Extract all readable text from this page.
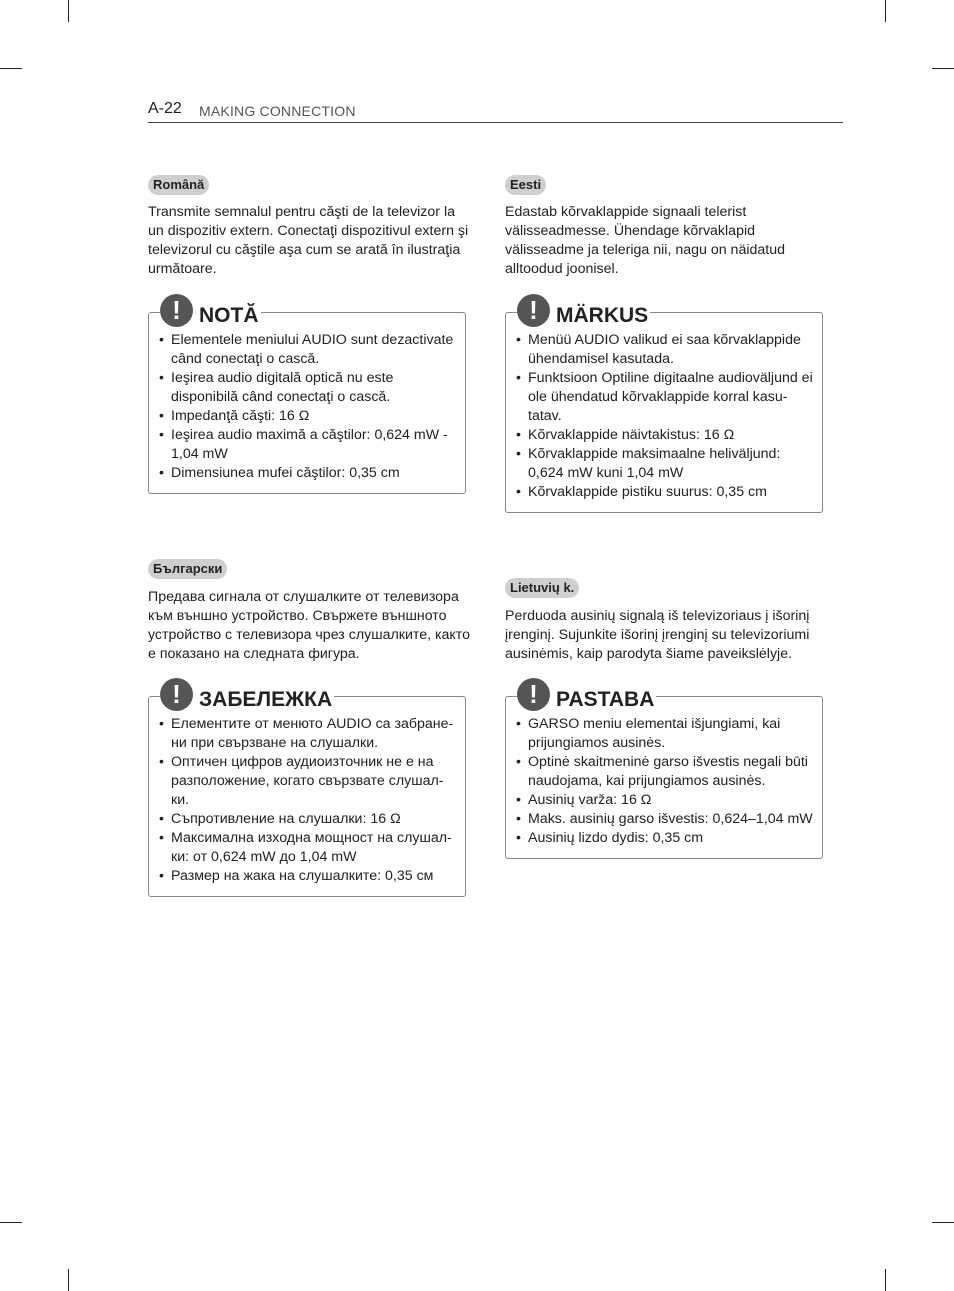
A-22 MAKING CONNECTION
Română

Transmite semnalul pentru căşti de la televizor la un dispozitiv extern. Conectaţi dispozitivul extern şi televizorul cu căştile aşa cum se arată în ilustraţia următoare.

! NOTĂ
• Elementele meniului AUDIO sunt dezactivate când conectaţi o cască.
• Ieşirea audio digitală optică nu este disponibilă când conectaţi o cască.
• Impedanţă căşti: 16 Ω
• Ieşirea audio maximă a căştilor: 0,624 mW - 1,04 mW
• Dimensiunea mufei căştilor: 0,35 cm
Eesti

Edastab kõrvaklappide signaali telerist välisseadmesse. Ühendage kõrvaklapid välisseadme ja teleriga nii, nagu on näidatud alltoodud joonisel.

! MÄRKUS
• Menüü AUDIO valikud ei saa kõrvaklappide ühendamisel kasutada.
• Funktsioon Optiline digitaalne audioväljund ei ole ühendatud kõrvaklappide korral kasu-tatav.
• Kõrvaklappide näivtakistus: 16 Ω
• Kõrvaklappide maksimaalne heliväljund: 0,624 mW kuni 1,04 mW
• Kõrvaklappide pistiku suurus: 0,35 cm
Български

Предава сигнала от слушалките от телевизора към външно устройство. Свържете външното устройство с телевизора чрез слушалките, както е показано на следната фигура.

! ЗАБЕЛЕЖКА
• Елементите от менюто AUDIO са забране-ни при свързване на слушалки.
• Оптичен цифров аудиоизточник не е на разположение, когато свързвате слушал-ки.
• Съпротивление на слушалки: 16 Ω
• Максимална изходна мощност на слушал-ки: от 0,624 mW до 1,04 mW
• Размер на жака на слушалките: 0,35 см
Lietuvių k.

Perduoda ausinių signalą iš televizoriaus į išorinį įrenginį. Sujunkite išorinį įrenginį su televizoriumi ausinėmis, kaip parodyta šiame paveikslėlyje.

! PASTABA
• GARSO meniu elementai išjungiami, kai prijungiamos ausinės.
• Optinė skaitmeninė garso išvestis negali būti naudojama, kai prijungiamos ausinės.
• Ausinių varža: 16 Ω
• Maks. ausinių garso išvestis: 0,624–1,04 mW
• Ausinių lizdo dydis: 0,35 cm
